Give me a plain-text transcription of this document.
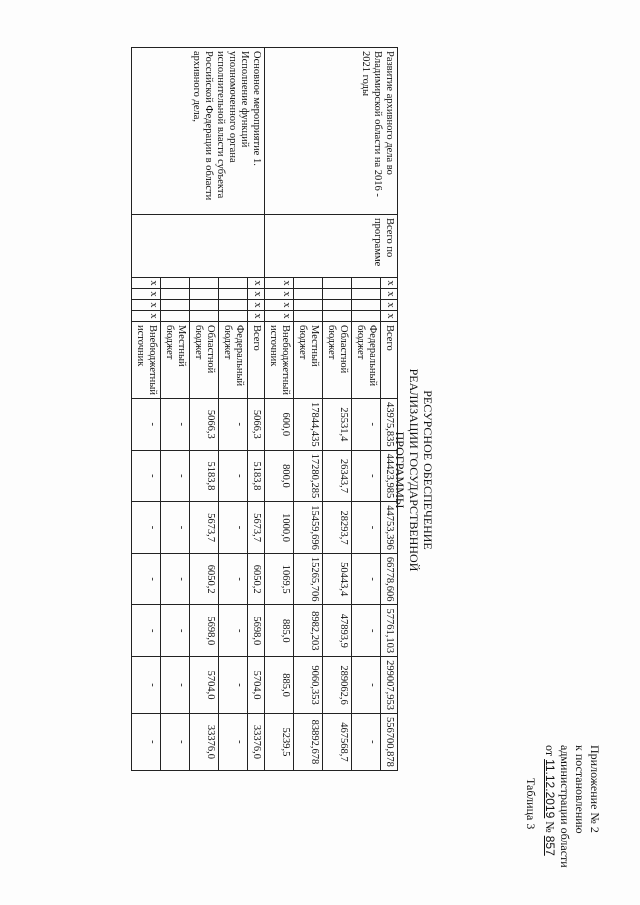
Приложение № 2
к постановлению
администрации области
от 11.12.2019 № 857
Таблица 3
РЕСУРСНОЕ ОБЕСПЕЧЕНИЕ
РЕАЛИЗАЦИИ ГОСУДАРСТВЕННОЙ ПРОГРАММЫ
Развитие архивного дела во Владимирской области на 2016 - 2021 годы	Всего по программе	х	х	х	х	Всего	43975,835	44423,985	44753,396	66778,606	57761,103	299007,953	556700,878
						Федеральный бюджет	-	-	-	-	-	-	-
						Областной бюджет	25531,4	26343,7	28293,7	50443,4	47893,9	289062,6	467568,7
						Местный бюджет	17844,435	17280,285	15459,696	15265,706	8982,203	9060,353	83892,678
		х	х	х	х	Внебюджетный источник	600,0	800,0	1000,0	1069,5	885,0	885,0	5239,5
Основное мероприятие 1. Исполнение функций уполномоченного органа исполнительной власти субъекта Российской Федерации в области архивного дела,		х	х	х	х	Всего	5066,3	5183,8	5673,7	6050,2	5698,0	5704,0	33376,0
						Федеральный бюджет	-	-	-	-	-	-	-
						Областной бюджет	5066,3	5183,8	5673,7	6050,2	5698,0	5704,0	33376,0
						Местный бюджет	-	-	-	-	-	-	-
		х	х	х	х	Внебюджетный источник	-	-	-	-	-	-	-
